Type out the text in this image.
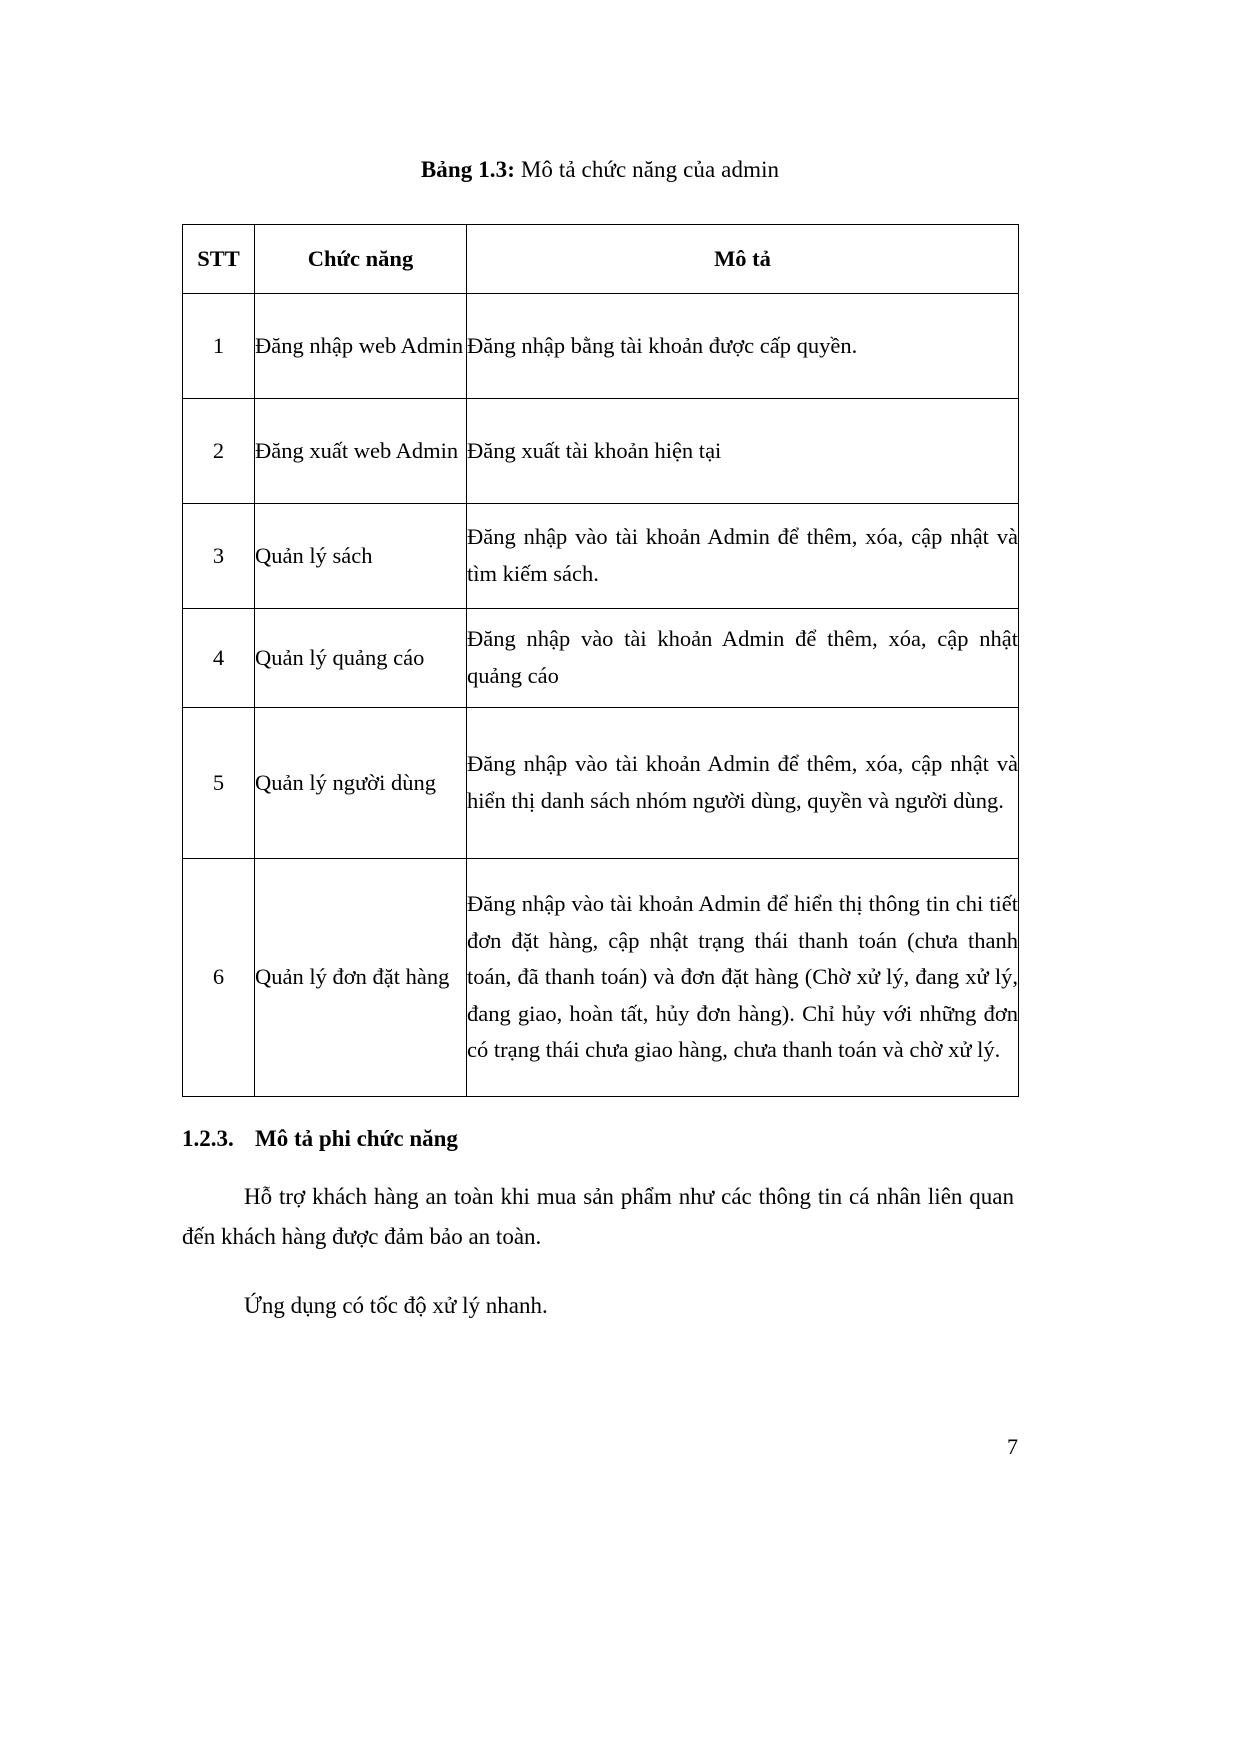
Bảng 1.3: Mô tả chức năng của admin
STT	Chức năng	Mô tả
1	Đăng nhập web Admin	Đăng nhập bằng tài khoản được cấp quyền.
2	Đăng xuất web Admin	Đăng xuất tài khoản hiện tại
3	Quản lý sách	Đăng nhập vào tài khoản Admin để thêm, xóa, cập nhật và tìm kiếm sách.
4	Quản lý quảng cáo	Đăng nhập vào tài khoản Admin để thêm, xóa, cập nhật quảng cáo
5	Quản lý người dùng	Đăng nhập vào tài khoản Admin để thêm, xóa, cập nhật và hiển thị danh sách nhóm người dùng, quyền và người dùng.
6	Quản lý đơn đặt hàng	Đăng nhập vào tài khoản Admin để hiển thị thông tin chi tiết đơn đặt hàng, cập nhật trạng thái thanh toán (chưa thanh toán, đã thanh toán) và đơn đặt hàng (Chờ xử lý, đang xử lý, đang giao, hoàn tất, hủy đơn hàng). Chỉ hủy với những đơn có trạng thái chưa giao hàng, chưa thanh toán và chờ xử lý.
1.2.3. Mô tả phi chức năng

Hỗ trợ khách hàng an toàn khi mua sản phẩm như các thông tin cá nhân liên quan đến khách hàng được đảm bảo an toàn.

Ứng dụng có tốc độ xử lý nhanh.

7
